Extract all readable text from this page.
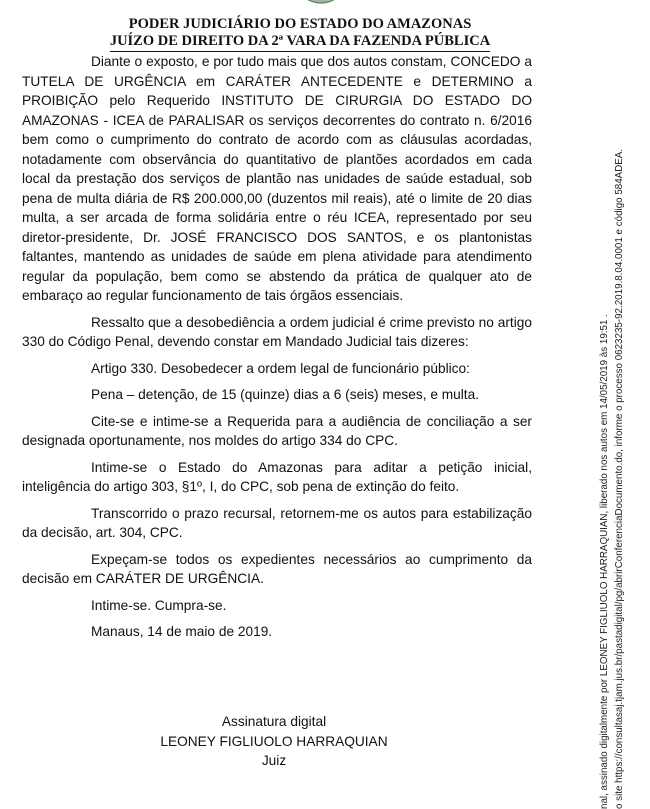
PODER JUDICIÁRIO DO ESTADO DO AMAZONAS
JUÍZO DE DIREITO DA 2ª VARA DA FAZENDA PÚBLICA

Diante o exposto, e por tudo mais que dos autos constam, CONCEDO a TUTELA DE URGÊNCIA em CARÁTER ANTECEDENTE e DETERMINO a PROIBIÇÃO pelo Requerido INSTITUTO DE CIRURGIA DO ESTADO DO AMAZONAS - ICEA de PARALISAR os serviços decorrentes do contrato n. 6/2016 bem como o cumprimento do contrato de acordo com as cláusulas acordadas, notadamente com observância do quantitativo de plantões acordados em cada local da prestação dos serviços de plantão nas unidades de saúde estadual, sob pena de multa diária de R$ 200.000,00 (duzentos mil reais), até o limite de 20 dias multa, a ser arcada de forma solidária entre o réu ICEA, representado por seu diretor-presidente, Dr. JOSÉ FRANCISCO DOS SANTOS, e os plantonistas faltantes, mantendo as unidades de saúde em plena atividade para atendimento regular da população, bem como se abstendo da prática de qualquer ato de embaraço ao regular funcionamento de tais órgãos essenciais.

Ressalto que a desobediência a ordem judicial é crime previsto no artigo 330 do Código Penal, devendo constar em Mandado Judicial tais dizeres:

Artigo 330. Desobedecer a ordem legal de funcionário público:

Pena – detenção, de 15 (quinze) dias a 6 (seis) meses, e multa.

Cite-se e intime-se a Requerida para a audiência de conciliação a ser designada oportunamente, nos moldes do artigo 334 do CPC.

Intime-se o Estado do Amazonas para aditar a petição inicial, inteligência do artigo 303, §1º, I, do CPC, sob pena de extinção do feito.

Transcorrido o prazo recursal, retornem-me os autos para estabilização da decisão, art. 304, CPC.

Expeçam-se todos os expedientes necessários ao cumprimento da decisão em CARÁTER DE URGÊNCIA.

Intime-se. Cumpra-se.

Manaus, 14 de maio de 2019.

Assinatura digital
LEONEY FIGLIUOLO HARRAQUIAN
Juiz	nal, assinado digitalmente por LEONEY FIGLIUOLO HARRAQUIAN, liberado nos autos em 14/05/2019 às 19:51 . o site https://consultasaj.tjam.jus.br/pastadigital/pg/abrirConferenciaDocumento.do, informe o processo 0623235-92.2019.8.04.0001 e código 584ADEA.
